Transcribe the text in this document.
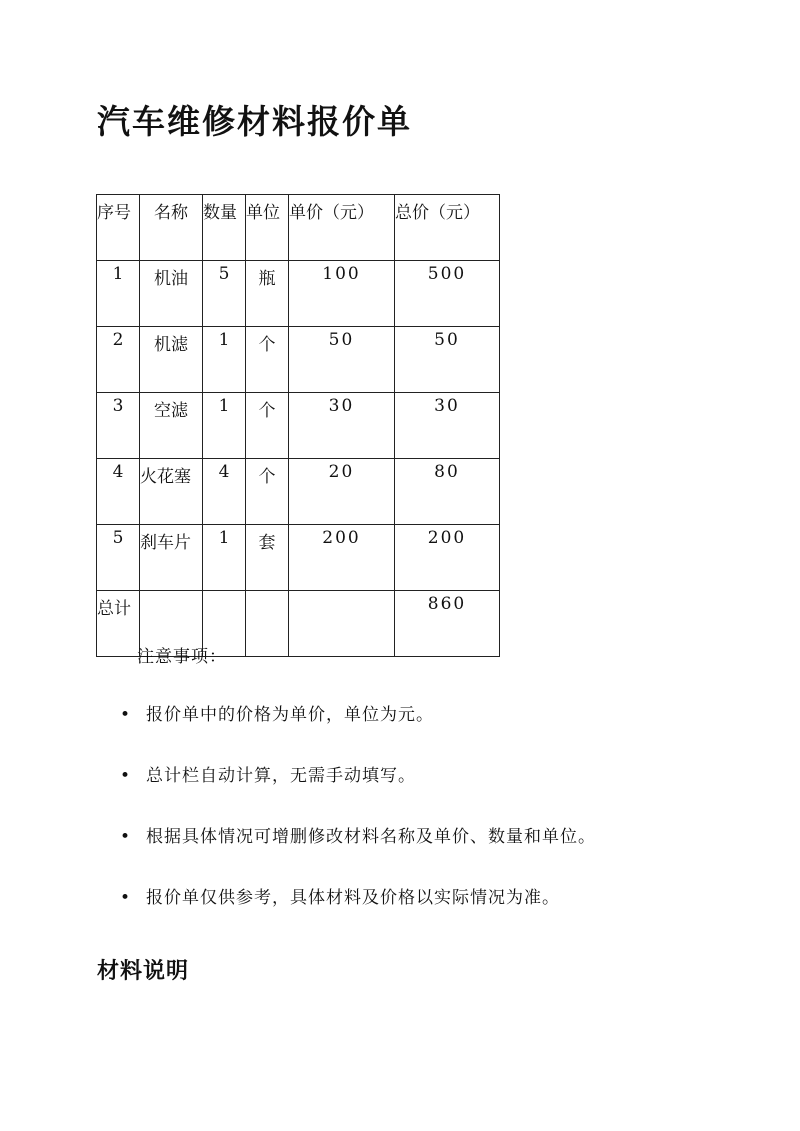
汽车维修材料报价单
序号	名称	数量	单位	单价（元）	总价（元）
1	机油	5	瓶	100	500
2	机滤	1	个	50	50
3	空滤	1	个	30	30
4	火花塞	4	个	20	80
5	刹车片	1	套	200	200
总计					860

注意事项：

• 报价单中的价格为单价，单位为元。
• 总计栏自动计算，无需手动填写。
• 根据具体情况可增删修改材料名称及单价、数量和单位。
• 报价单仅供参考，具体材料及价格以实际情况为准。
材料说明
